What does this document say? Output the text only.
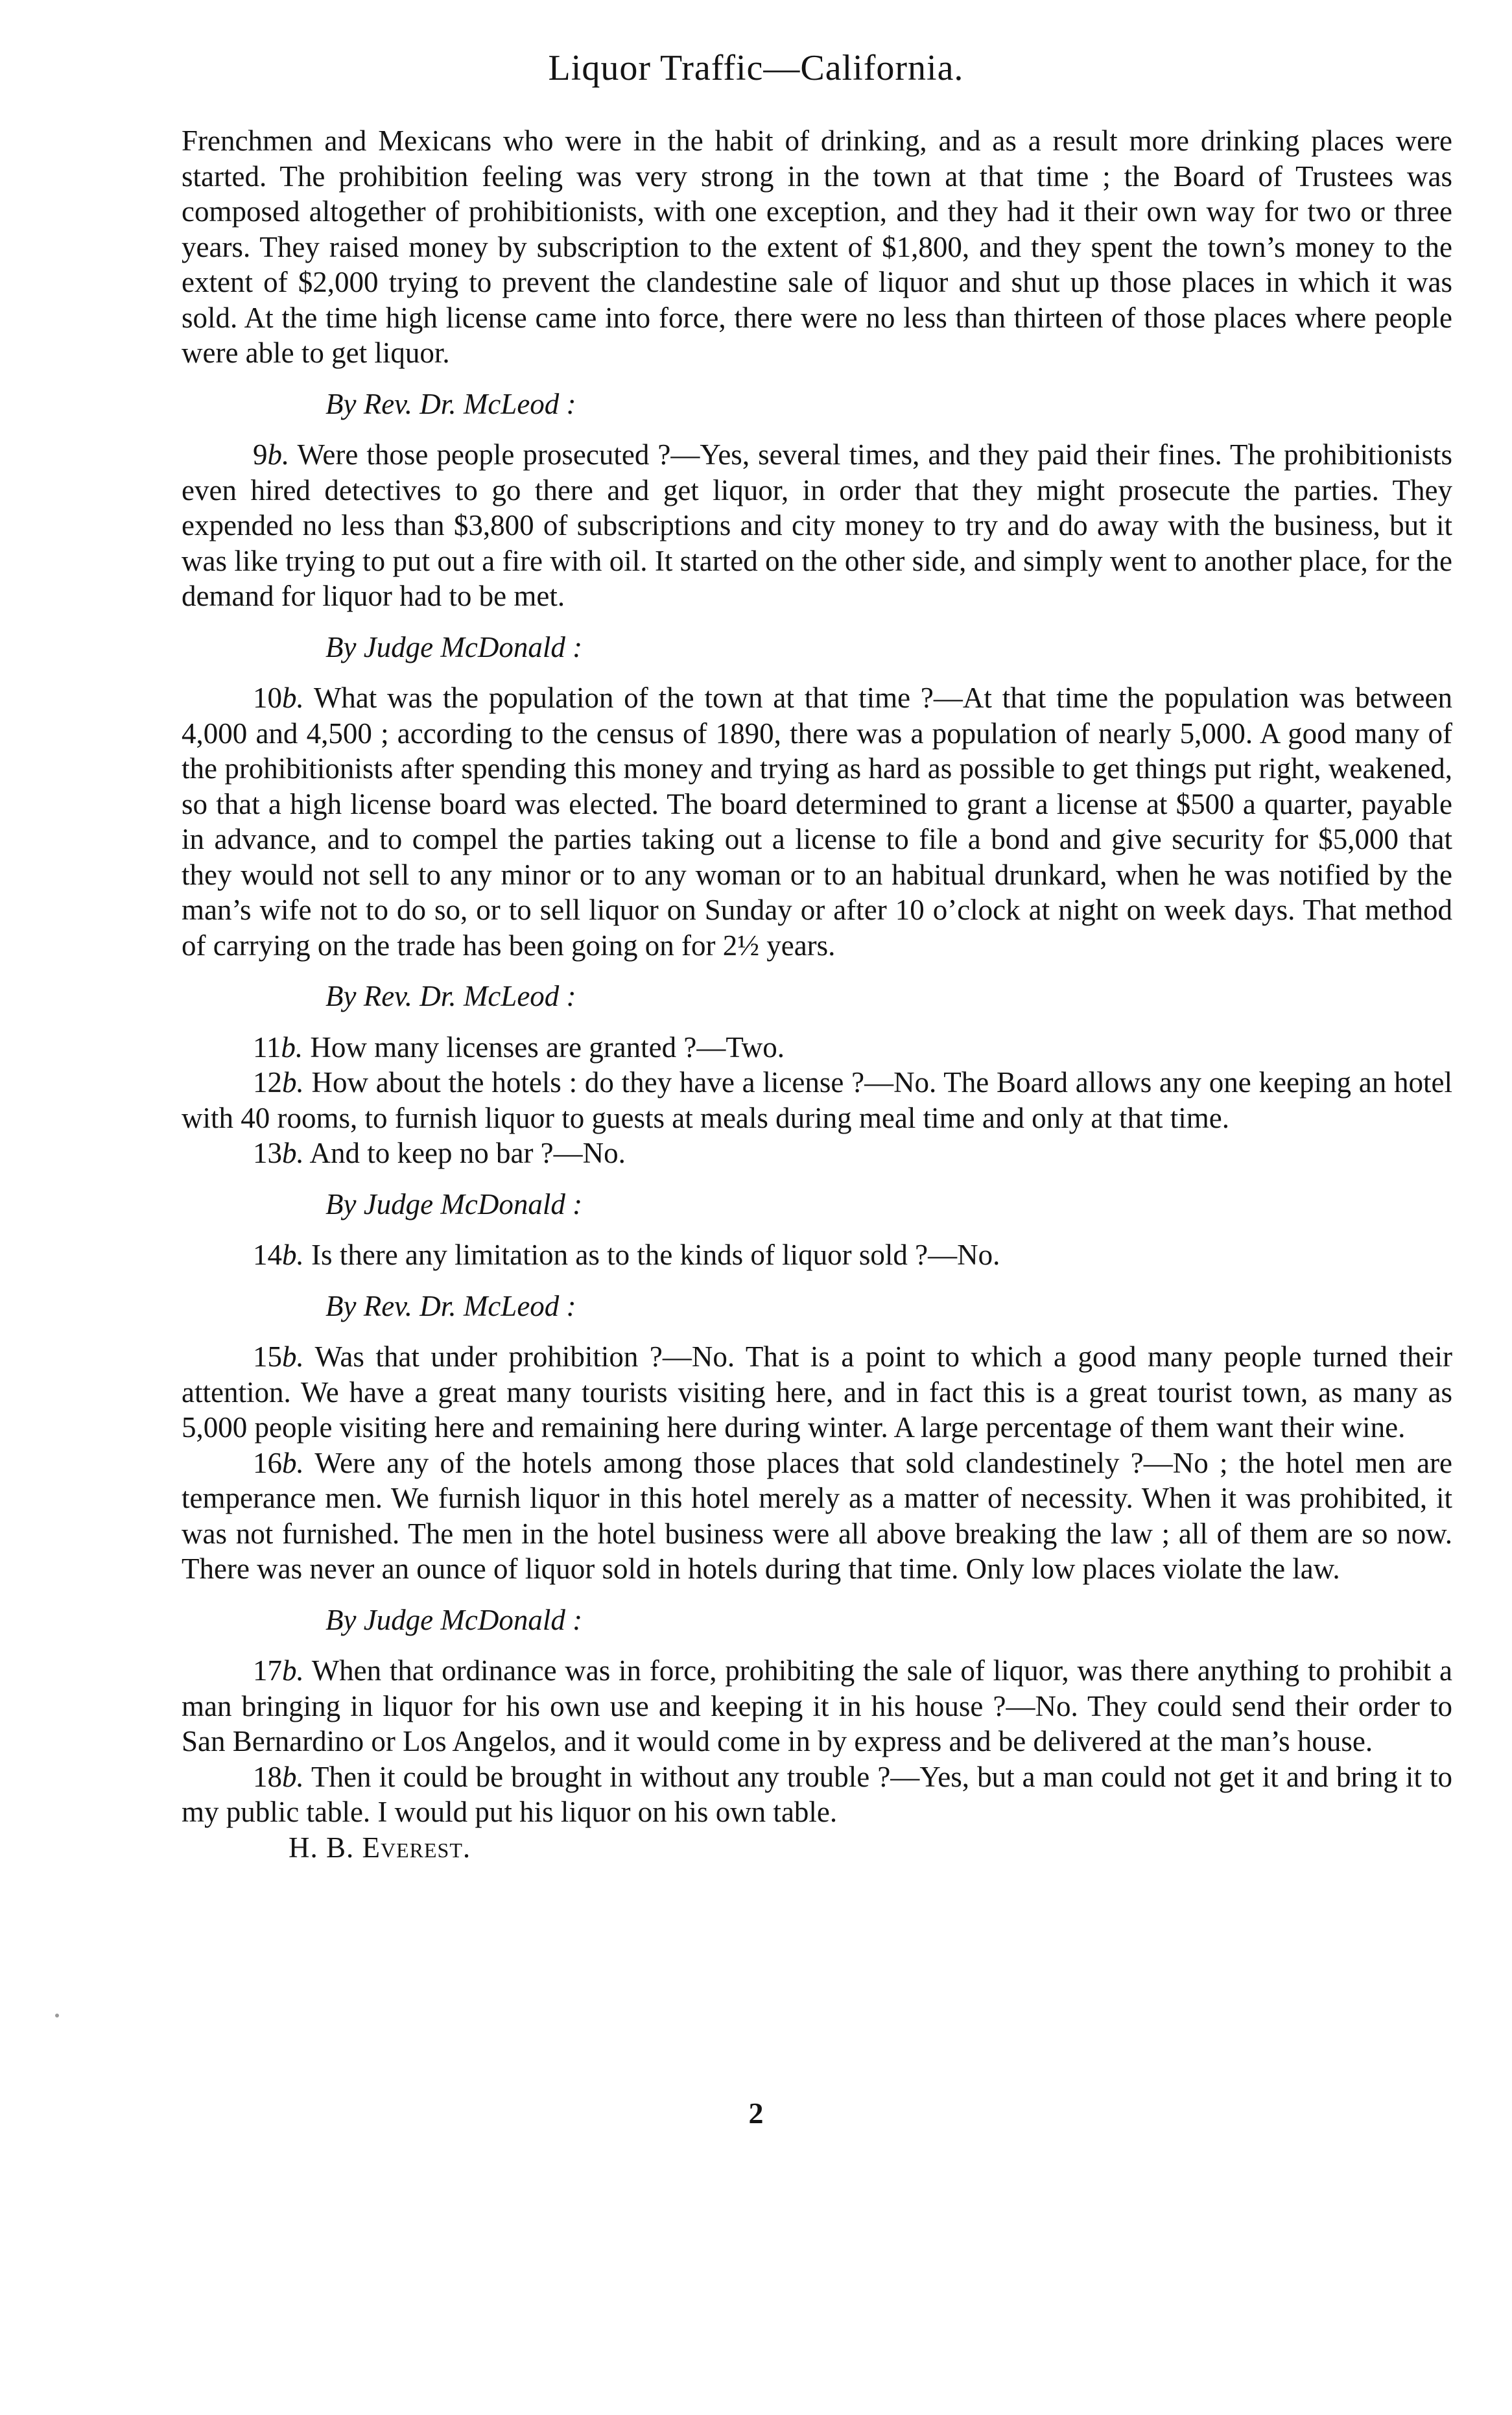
Liquor Traffic—California.

Frenchmen and Mexicans who were in the habit of drinking, and as a result more drinking places were started. The prohibition feeling was very strong in the town at that time ; the Board of Trustees was composed altogether of prohibitionists, with one exception, and they had it their own way for two or three years. They raised money by subscription to the extent of $1,800, and they spent the town’s money to the extent of $2,000 trying to prevent the clandestine sale of liquor and shut up those places in which it was sold. At the time high license came into force, there were no less than thirteen of those places where people were able to get liquor.

By Rev. Dr. McLeod :

9b. Were those people prosecuted ?—Yes, several times, and they paid their fines. The prohibitionists even hired detectives to go there and get liquor, in order that they might prosecute the parties. They expended no less than $3,800 of subscriptions and city money to try and do away with the business, but it was like trying to put out a fire with oil. It started on the other side, and simply went to another place, for the demand for liquor had to be met.

By Judge McDonald :

10b. What was the population of the town at that time ?—At that time the population was between 4,000 and 4,500 ; according to the census of 1890, there was a population of nearly 5,000. A good many of the prohibitionists after spending this money and trying as hard as possible to get things put right, weakened, so that a high license board was elected. The board determined to grant a license at $500 a quarter, payable in advance, and to compel the parties taking out a license to file a bond and give security for $5,000 that they would not sell to any minor or to any woman or to an habitual drunkard, when he was notified by the man’s wife not to do so, or to sell liquor on Sunday or after 10 o’clock at night on week days. That method of carrying on the trade has been going on for 2½ years.

By Rev. Dr. McLeod :

11b. How many licenses are granted ?—Two.

12b. How about the hotels : do they have a license ?—No. The Board allows any one keeping an hotel with 40 rooms, to furnish liquor to guests at meals during meal time and only at that time.

13b. And to keep no bar ?—No.

By Judge McDonald :

14b. Is there any limitation as to the kinds of liquor sold ?—No.

By Rev. Dr. McLeod :

15b. Was that under prohibition ?—No. That is a point to which a good many people turned their attention. We have a great many tourists visiting here, and in fact this is a great tourist town, as many as 5,000 people visiting here and remaining here during winter. A large percentage of them want their wine.

16b. Were any of the hotels among those places that sold clandestinely ?—No ; the hotel men are temperance men. We furnish liquor in this hotel merely as a matter of necessity. When it was prohibited, it was not furnished. The men in the hotel business were all above breaking the law ; all of them are so now. There was never an ounce of liquor sold in hotels during that time. Only low places violate the law.

By Judge McDonald :

17b. When that ordinance was in force, prohibiting the sale of liquor, was there anything to prohibit a man bringing in liquor for his own use and keeping it in his house ?—No. They could send their order to San Bernardino or Los Angelos, and it would come in by express and be delivered at the man’s house.

18b. Then it could be brought in without any trouble ?—Yes, but a man could not get it and bring it to my public table. I would put his liquor on his own table.

H. B. Everest.

2
